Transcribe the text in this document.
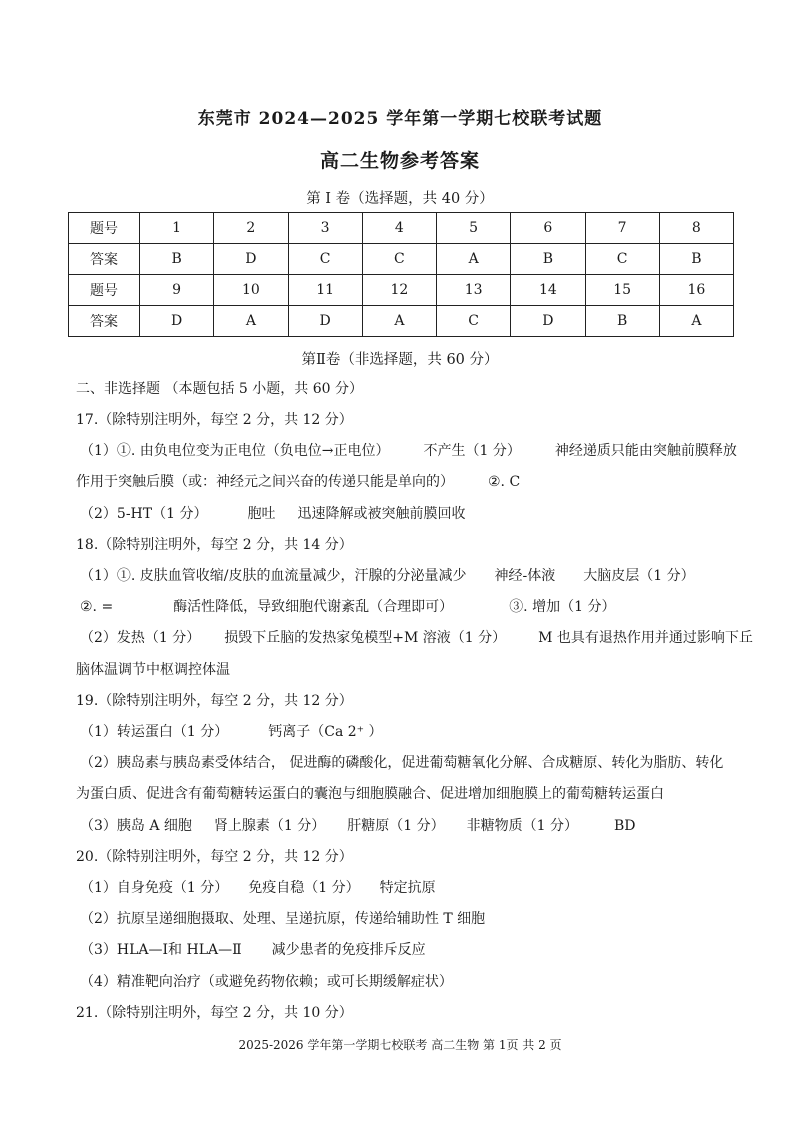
东莞市 2024—2025 学年第一学期七校联考试题
高二生物参考答案
第 I 卷（选择题，共 40 分）
题号	1	2	3	4	5	6	7	8
答案	B	D	C	C	A	B	C	B
题号	9	10	11	12	13	14	15	16
答案	D	A	D	A	C	D	B	A
第Ⅱ卷（非选择题，共 60 分）
二、非选择题 （本题包括 5 小题，共 60 分）
17.（除特别注明外，每空 2 分，共 12 分）
（1）①. 由负电位变为正电位（负电位→正电位） 不产生（1 分） 神经递质只能由突触前膜释放
作用于突触后膜（或：神经元之间兴奋的传递只能是单向的） ②. C
（2）5-HT（1 分）	胞吐 迅速降解或被突触前膜回收
18.（除特别注明外，每空 2 分，共 14 分）
（1）①. 皮肤血管收缩/皮肤的血流量减少，汗腺的分泌量减少 神经-体液 大脑皮层（1 分）
②. =	酶活性降低，导致细胞代谢紊乱（合理即可）	③. 增加（1 分）
（2）发热（1 分） 损毁下丘脑的发热家兔模型+M 溶液（1 分） M 也具有退热作用并通过影响下丘
脑体温调节中枢调控体温
19.（除特别注明外，每空 2 分，共 12 分）
（1）转运蛋白（1 分）	钙离子（Ca 2⁺ ）
（2）胰岛素与胰岛素受体结合， 促进酶的磷酸化，促进葡萄糖氧化分解、合成糖原、转化为脂肪、转化
为蛋白质、促进含有葡萄糖转运蛋白的囊泡与细胞膜融合、促进增加细胞膜上的葡萄糖转运蛋白
（3）胰岛 A 细胞 肾上腺素（1 分） 肝糖原（1 分） 非糖物质（1 分）	BD
20.（除特别注明外，每空 2 分，共 12 分）
（1）自身免疫（1 分） 免疫自稳（1 分） 特定抗原
（2）抗原呈递细胞摄取、处理、呈递抗原，传递给辅助性 T 细胞
（3）HLA—Ⅰ和 HLA—Ⅱ 减少患者的免疫排斥反应
（4）精准靶向治疗（或避免药物依赖；或可长期缓解症状）
21.（除特别注明外，每空 2 分，共 10 分）
2025-2026 学年第一学期七校联考 高二生物 第 1页 共 2 页
